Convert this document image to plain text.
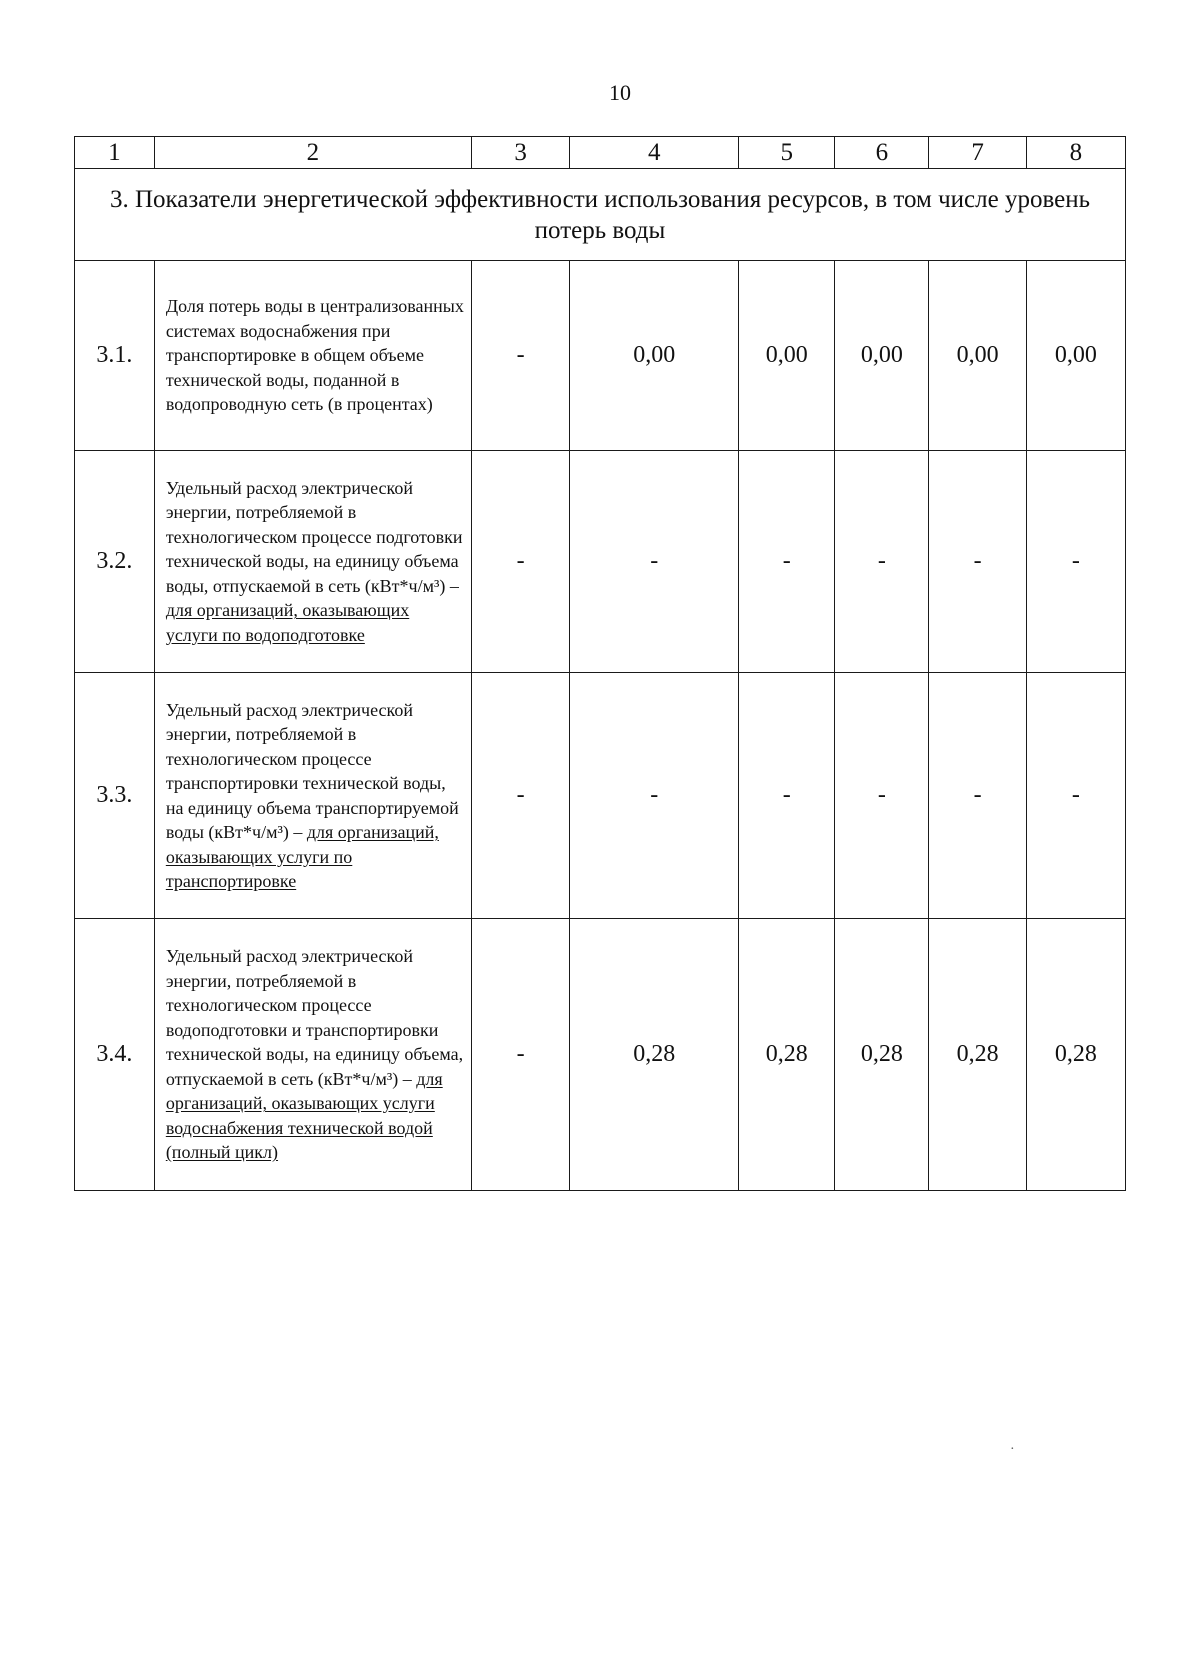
10
1	2	3	4	5	6	7	8
3. Показатели энергетической эффективности использования ресурсов, в том числе уровень потерь воды							
3.1.	Доля потерь воды в централизованных системах водоснабжения при транспортировке в общем объеме технической воды, поданной в водопроводную сеть (в процентах)	-	0,00	0,00	0,00	0,00	0,00
3.2.	Удельный расход электрической энергии, потребляемой в технологическом процессе подготовки технической воды, на единицу объема воды, отпускаемой в сеть (кВт*ч/м³) – для организаций, оказывающих услуги по водоподготовке	-	-	-	-	-	-
3.3.	Удельный расход электрической энергии, потребляемой в технологическом процессе транспортировки технической воды, на единицу объема транспортируемой воды (кВт*ч/м³) – для организаций, оказывающих услуги по транспортировке	-	-	-	-	-	-
3.4.	Удельный расход электрической энергии, потребляемой в технологическом процессе водоподготовки и транспортировки технической воды, на единицу объема, отпускаемой в сеть (кВт*ч/м³) – для организаций, оказывающих услуги водоснабжения технической водой (полный цикл)	-	0,28	0,28	0,28	0,28	0,28
·
